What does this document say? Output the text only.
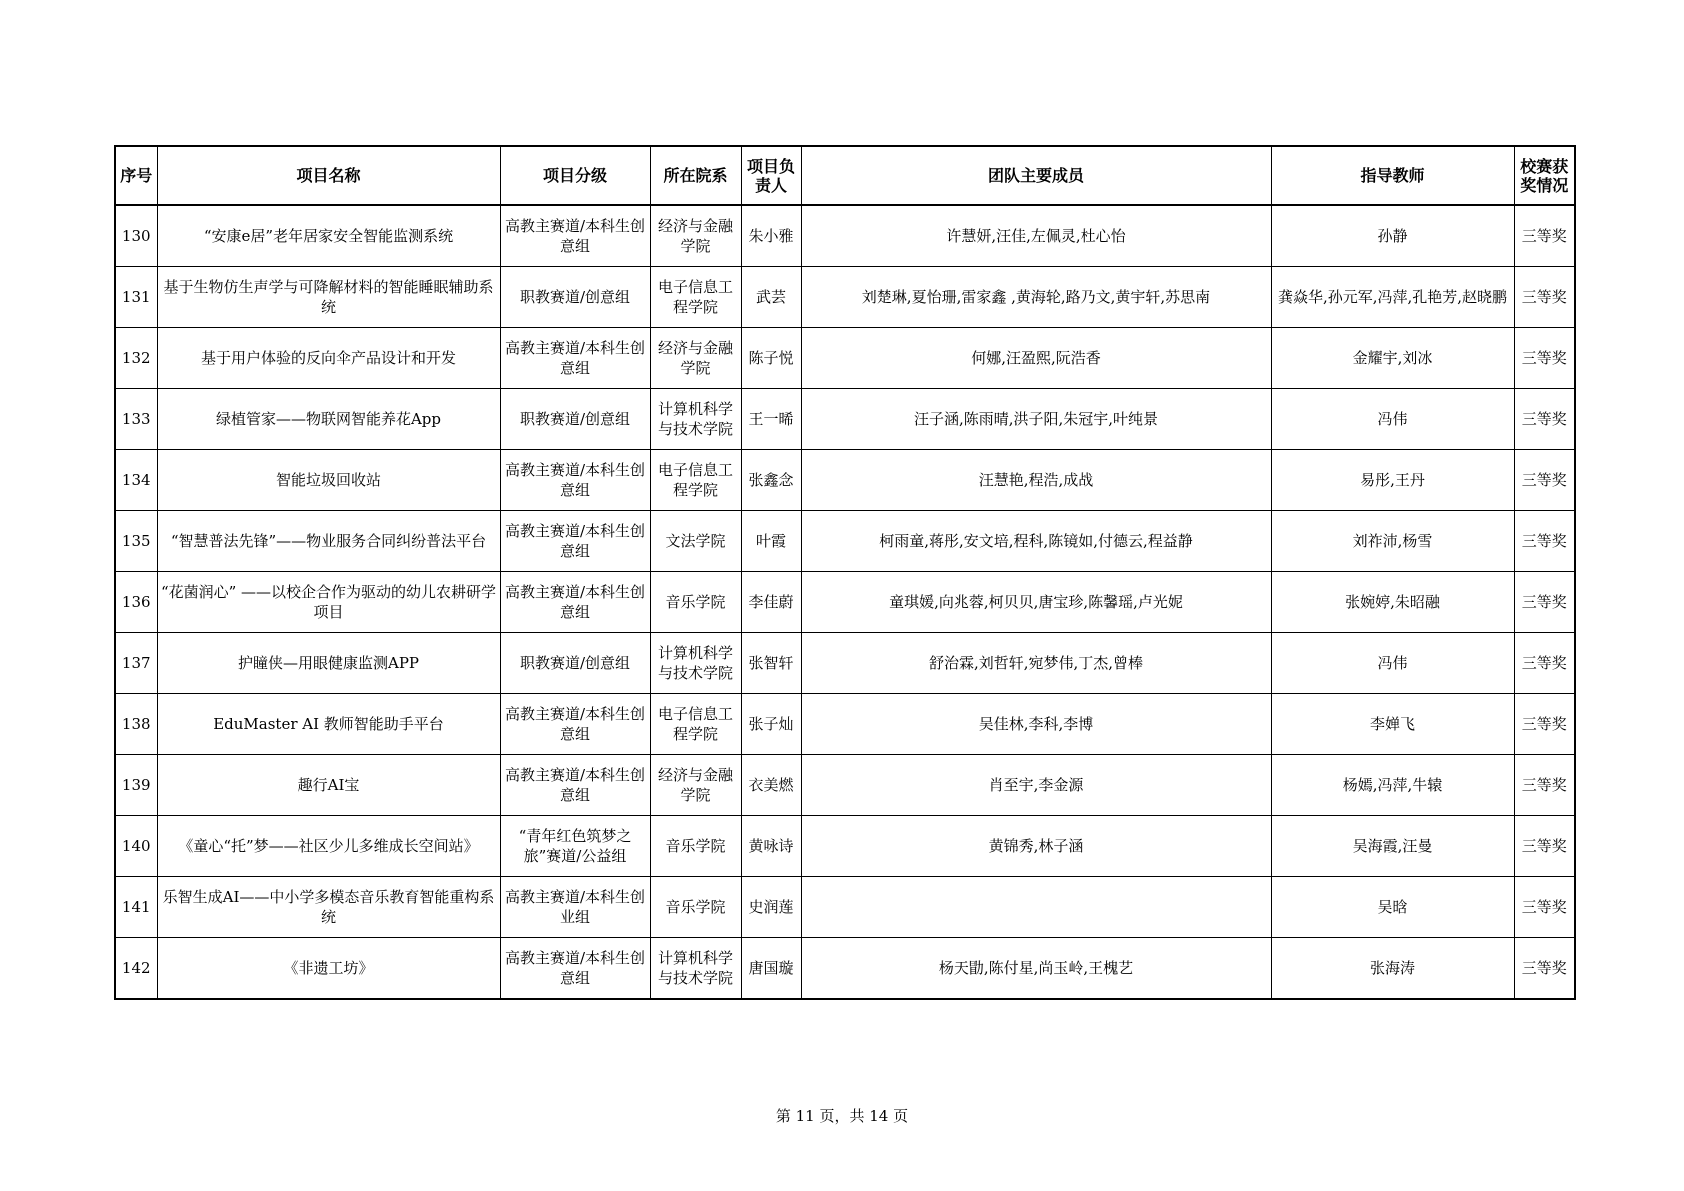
序号	项目名称	项目分级	所在院系	项目负责人	团队主要成员	指导教师	校赛获奖情况
130	“安康e居”老年居家安全智能监测系统	高教主赛道/本科生创意组	经济与金融学院	朱小雅	许慧妍,汪佳,左佩灵,杜心怡	孙静	三等奖
131	基于生物仿生声学与可降解材料的智能睡眠辅助系统	职教赛道/创意组	电子信息工程学院	武芸	刘楚琳,夏怡珊,雷家鑫 ,黄海轮,路乃文,黄宇轩,苏思南	龚焱华,孙元军,冯萍,孔艳芳,赵晓鹏	三等奖
132	基于用户体验的反向伞产品设计和开发	高教主赛道/本科生创意组	经济与金融学院	陈子悦	何娜,汪盈熙,阮浩香	金耀宇,刘冰	三等奖
133	绿植管家——物联网智能养花App	职教赛道/创意组	计算机科学与技术学院	王一晞	汪子涵,陈雨晴,洪子阳,朱冠宇,叶纯景	冯伟	三等奖
134	智能垃圾回收站	高教主赛道/本科生创意组	电子信息工程学院	张鑫念	汪慧艳,程浩,成战	易彤,王丹	三等奖
135	“智慧普法先锋”——物业服务合同纠纷普法平台	高教主赛道/本科生创意组	文法学院	叶霞	柯雨童,蒋彤,安文培,程科,陈镜如,付德云,程益静	刘祚沛,杨雪	三等奖
136	“花菌润心” ——以校企合作为驱动的幼儿农耕研学项目	高教主赛道/本科生创意组	音乐学院	李佳蔚	童琪媛,向兆蓉,柯贝贝,唐宝珍,陈馨瑶,卢光妮	张婉婷,朱昭融	三等奖
137	护瞳侠—用眼健康监测APP	职教赛道/创意组	计算机科学与技术学院	张智轩	舒治霖,刘哲轩,宛梦伟,丁杰,曾棒	冯伟	三等奖
138	EduMaster AI 教师智能助手平台	高教主赛道/本科生创意组	电子信息工程学院	张子灿	吴佳林,李科,李博	李婵飞	三等奖
139	趣行AI宝	高教主赛道/本科生创意组	经济与金融学院	衣美燃	肖至宇,李金源	杨嫣,冯萍,牛辕	三等奖
140	《童心“托”梦——社区少儿多维成长空间站》	“青年红色筑梦之旅”赛道/公益组	音乐学院	黄咏诗	黄锦秀,林子涵	吴海霞,汪曼	三等奖
141	乐智生成AI——中小学多模态音乐教育智能重构系统	高教主赛道/本科生创业组	音乐学院	史润莲		吴晗	三等奖
142	《非遗工坊》	高教主赛道/本科生创意组	计算机科学与技术学院	唐国璇	杨天勖,陈付星,尚玉岭,王槐艺	张海涛	三等奖
第 11 页，共 14 页
